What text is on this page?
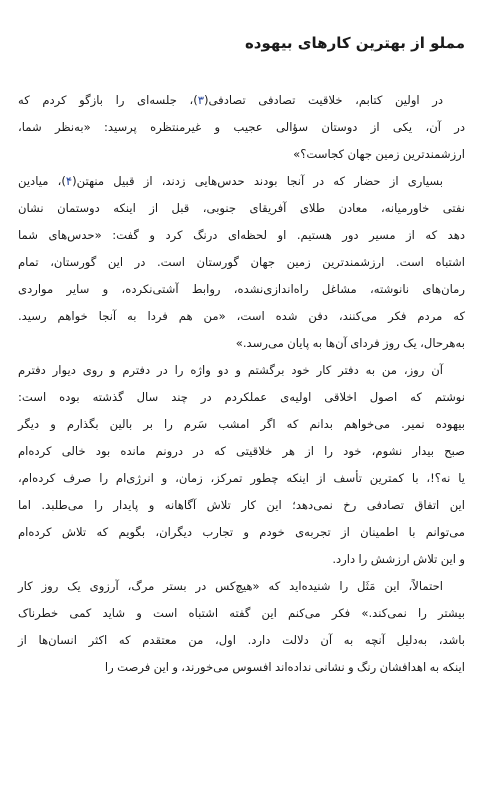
مملو از بهترین کارهای بیهوده

در اولین کتابم، خلاقیت تصادفی تصادفی(۳)، جلسه‌ای را بازگو کردم که
در آن، یکی از دوستان سؤالی عجیب و غیرمنتظره پرسید: «به‌نظر شما،
ارزشمندترین زمین جهان کجاست؟»

بسیاری از حضار که در آنجا بودند حدس‌هایی زدند، از قبیل منهتن(۴)، میادین
نفتی خاورمیانه، معادن طلای آفریقای جنوبی، قبل از اینکه دوستمان نشان
دهد که از مسیر دور هستیم. او لحظه‌ای درنگ کرد و گفت: «حدس‌های شما
اشتباه است. ارزشمندترین زمین جهان گورستان است. در این گورستان، تمام
رمان‌های نانوشته، مشاغل راه‌اندازی‌نشده، روابط آشتی‌نکرده، و سایر مواردی
که مردم فکر می‌کنند، دفن شده است، «من هم فردا به آنجا خواهم رسید.
به‌هرحال، یک روز فردای آن‌ها به پایان می‌رسد.»

آن روز، من به دفتر کار خود برگشتم و دو واژه را در دفترم و روی دیوار دفترم
نوشتم که اصول اخلاقی اولیه‌ی عملکردم در چند سال گذشته بوده است:
بیهوده نمیر. می‌خواهم بدانم که اگر امشب سَرم را بر بالین بگذارم و دیگر
صبح بیدار نشوم، خود را از هر خلاقیتی که در درونم مانده بود خالی کرده‌ام
یا نه؟!، با کمترین تأسف از اینکه چطور تمرکز، زمان، و انرژی‌ام را صرف کرده‌ام،
این اتفاق تصادفی رخ نمی‌دهد؛ این کار تلاش آگاهانه و پایدار را می‌طلبد. اما
می‌توانم با اطمینان از تجربه‌ی خودم و تجارب دیگران، بگویم که تلاش کرده‌ام
و این تلاش ارزشش را دارد.

احتمالاً، این مَثَل را شنیده‌اید که «هیچ‌کس در بستر مرگ، آرزوی یک روز کار
بیشتر را نمی‌کند.» فکر می‌کنم این گفته اشتباه است و شاید کمی خطرناک
باشد، به‌دلیل آنچه به آن دلالت دارد. اول، من معتقدم که اکثر انسان‌ها از
اینکه به اهدافشان رنگ و نشانی نداده‌اند افسوس می‌خورند، و این فرصت را
